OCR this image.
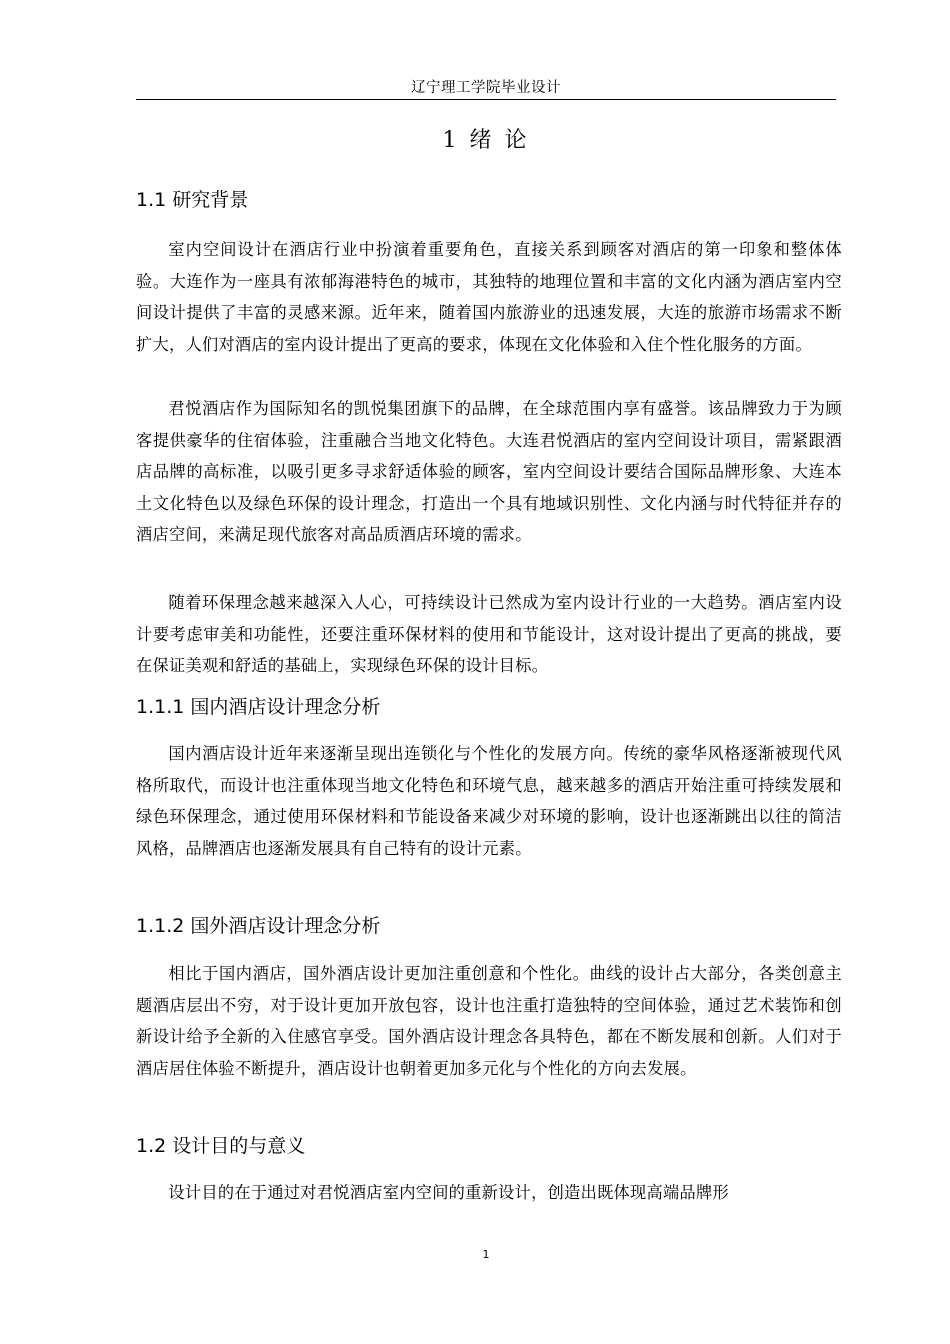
辽宁理工学院毕业设计
1 绪 论
1.1 研究背景

室内空间设计在酒店行业中扮演着重要角色，直接关系到顾客对酒店的第一印象和整体体验。大连作为一座具有浓郁海港特色的城市，其独特的地理位置和丰富的文化内涵为酒店室内空间设计提供了丰富的灵感来源。近年来，随着国内旅游业的迅速发展，大连的旅游市场需求不断扩大，人们对酒店的室内设计提出了更高的要求，体现在文化体验和入住个性化服务的方面。

君悦酒店作为国际知名的凯悦集团旗下的品牌，在全球范围内享有盛誉。该品牌致力于为顾客提供豪华的住宿体验，注重融合当地文化特色。大连君悦酒店的室内空间设计项目，需紧跟酒店品牌的高标准，以吸引更多寻求舒适体验的顾客，室内空间设计要结合国际品牌形象、大连本土文化特色以及绿色环保的设计理念，打造出一个具有地域识别性、文化内涵与时代特征并存的酒店空间，来满足现代旅客对高品质酒店环境的需求。

随着环保理念越来越深入人心，可持续设计已然成为室内设计行业的一大趋势。酒店室内设计要考虑审美和功能性，还要注重环保材料的使用和节能设计，这对设计提出了更高的挑战，要在保证美观和舒适的基础上，实现绿色环保的设计目标。

1.1.1 国内酒店设计理念分析

国内酒店设计近年来逐渐呈现出连锁化与个性化的发展方向。传统的豪华风格逐渐被现代风格所取代，而设计也注重体现当地文化特色和环境气息，越来越多的酒店开始注重可持续发展和绿色环保理念，通过使用环保材料和节能设备来减少对环境的影响，设计也逐渐跳出以往的简洁风格，品牌酒店也逐渐发展具有自己特有的设计元素。

1.1.2 国外酒店设计理念分析

相比于国内酒店，国外酒店设计更加注重创意和个性化。曲线的设计占大部分，各类创意主题酒店层出不穷，对于设计更加开放包容，设计也注重打造独特的空间体验，通过艺术装饰和创新设计给予全新的入住感官享受。国外酒店设计理念各具特色，都在不断发展和创新。人们对于酒店居住体验不断提升，酒店设计也朝着更加多元化与个性化的方向去发展。

1.2 设计目的与意义

设计目的在于通过对君悦酒店室内空间的重新设计，创造出既体现高端品牌形

1
